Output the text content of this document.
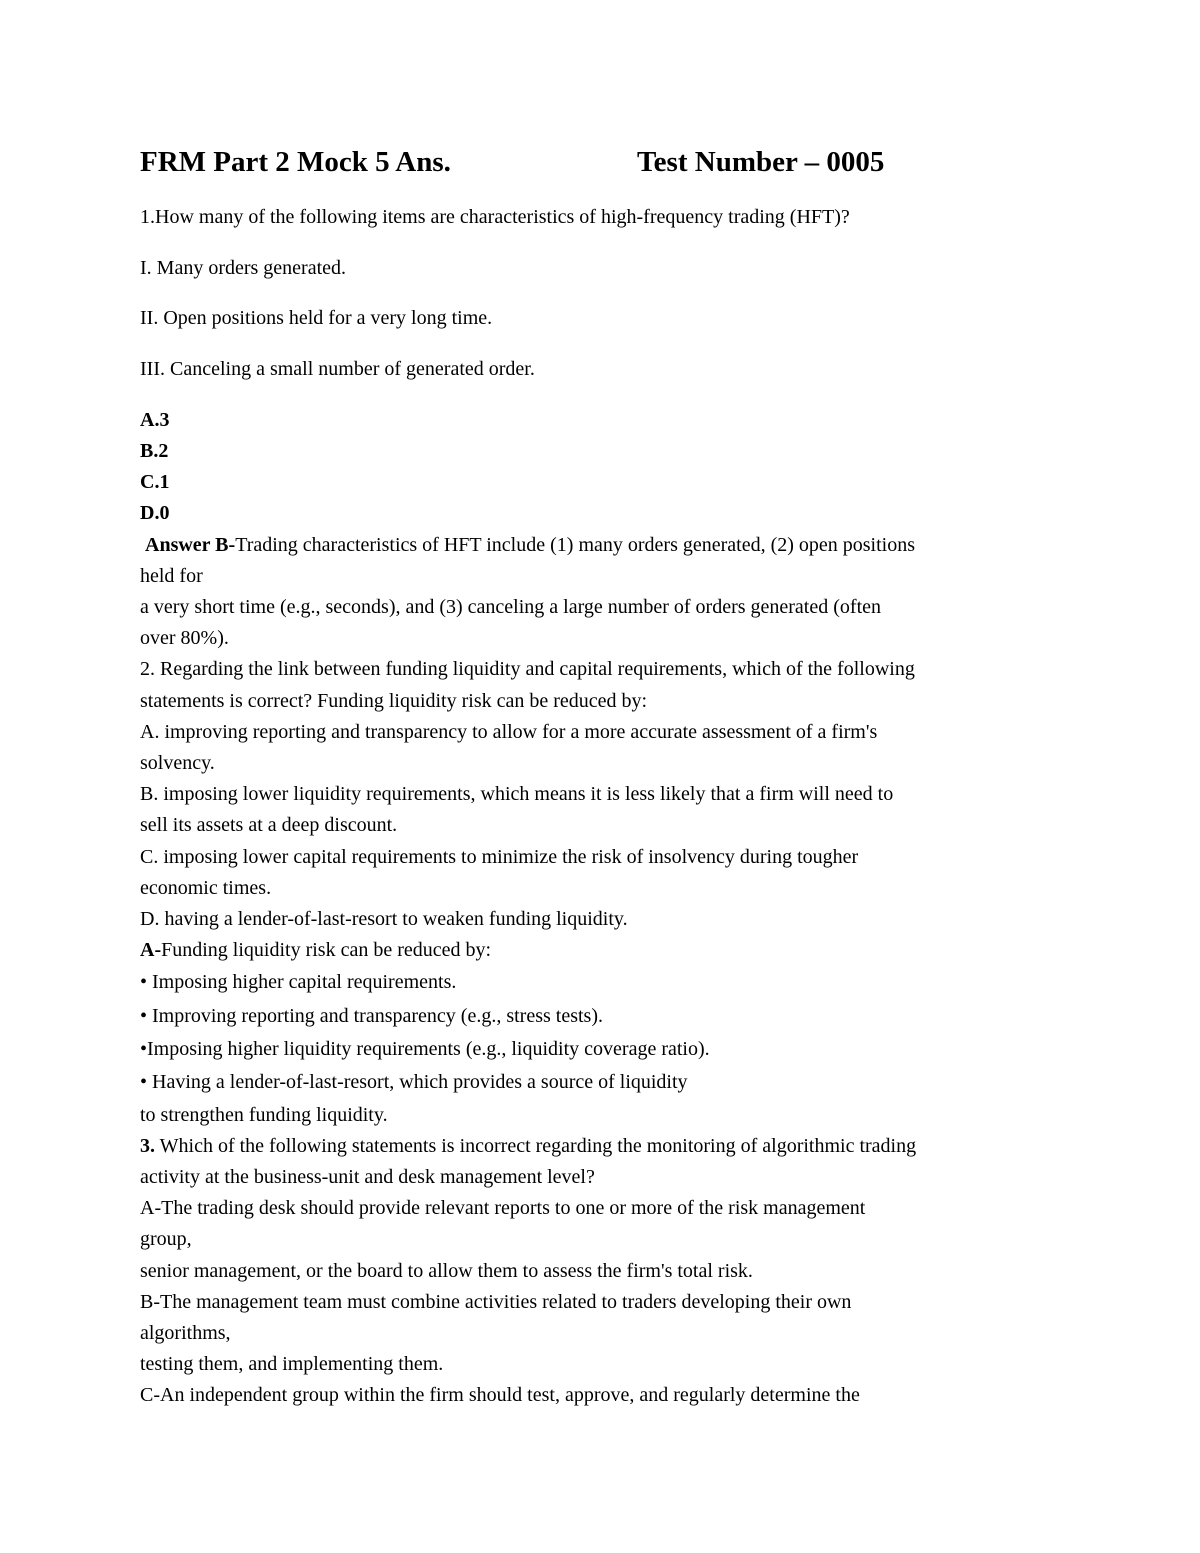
FRM Part 2 Mock 5 Ans.	Test Number – 0005
1.How many of the following items are characteristics of high-frequency trading (HFT)?
I. Many orders generated.
II. Open positions held for a very long time.
III. Canceling a small number of generated order.
A.3
B.2
C.1
D.0
Answer B-Trading characteristics of HFT include (1) many orders generated, (2) open positions
held for
a very short time (e.g., seconds), and (3) canceling a large number of orders generated (often
over 80%).
2. Regarding the link between funding liquidity and capital requirements, which of the following
statements is correct? Funding liquidity risk can be reduced by:
A. improving reporting and transparency to allow for a more accurate assessment of a firm's
solvency.
B. imposing lower liquidity requirements, which means it is less likely that a firm will need to
sell its assets at a deep discount.
C. imposing lower capital requirements to minimize the risk of insolvency during tougher
economic times.
D. having a lender-of-last-resort to weaken funding liquidity.
A-Funding liquidity risk can be reduced by:
• Imposing higher capital requirements.
• Improving reporting and transparency (e.g., stress tests).
•Imposing higher liquidity requirements (e.g., liquidity coverage ratio).
• Having a lender-of-last-resort, which provides a source of liquidity
to strengthen funding liquidity.
3. Which of the following statements is incorrect regarding the monitoring of algorithmic trading
activity at the business-unit and desk management level?
A-The trading desk should provide relevant reports to one or more of the risk management
group,
senior management, or the board to allow them to assess the firm's total risk.
B-The management team must combine activities related to traders developing their own
algorithms,
testing them, and implementing them.
C-An independent group within the firm should test, approve, and regularly determine the
